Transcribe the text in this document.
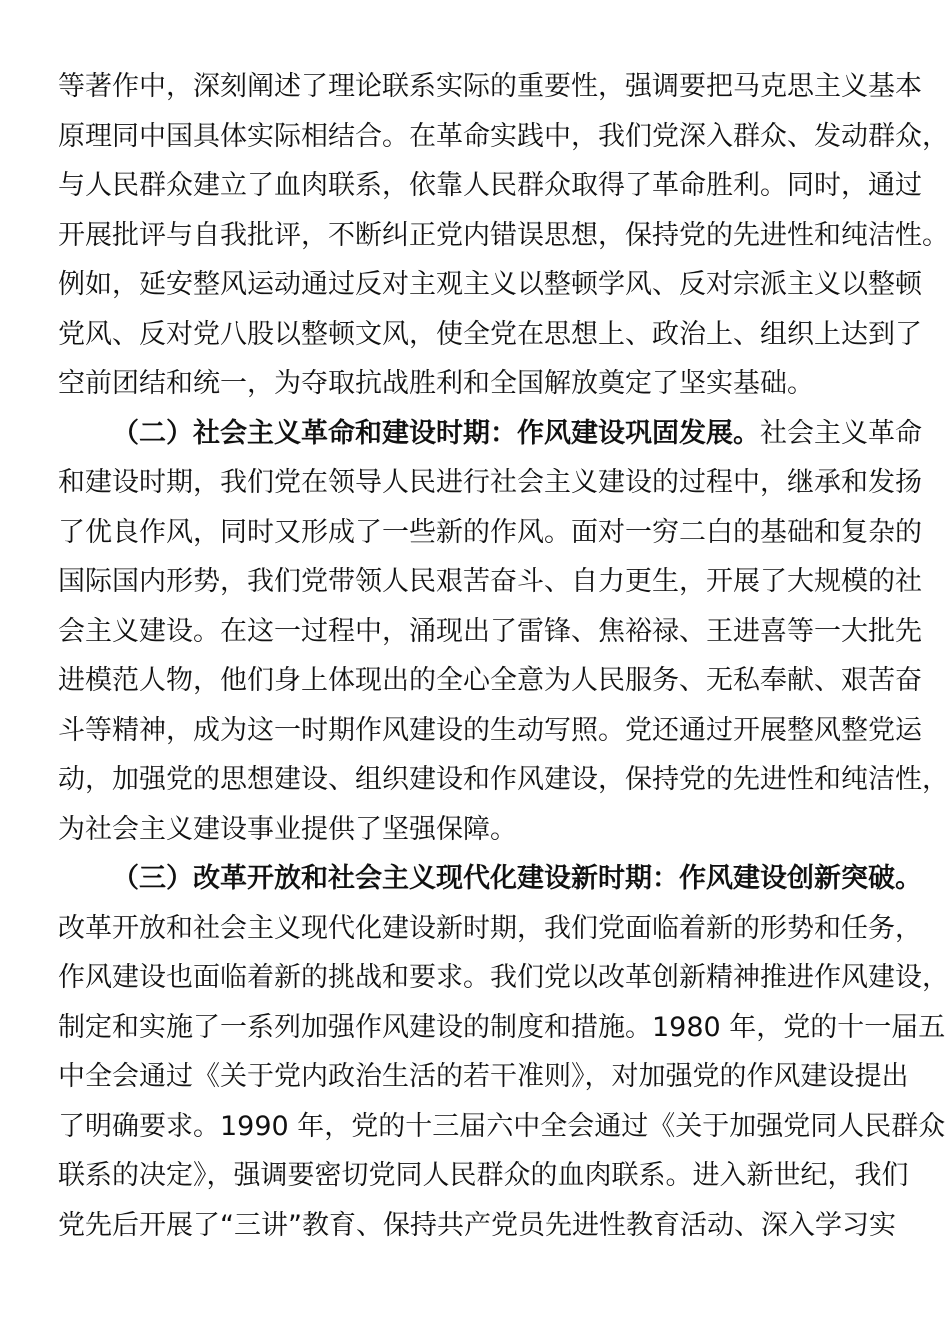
等著作中，深刻阐述了理论联系实际的重要性，强调要把马克思主义基本
原理同中国具体实际相结合。在革命实践中，我们党深入群众、发动群众，
与人民群众建立了血肉联系，依靠人民群众取得了革命胜利。同时，通过
开展批评与自我批评，不断纠正党内错误思想，保持党的先进性和纯洁性。
例如，延安整风运动通过反对主观主义以整顿学风、反对宗派主义以整顿
党风、反对党八股以整顿文风，使全党在思想上、政治上、组织上达到了
空前团结和统一，为夺取抗战胜利和全国解放奠定了坚实基础。
（二）社会主义革命和建设时期：作风建设巩固发展。社会主义革命
和建设时期，我们党在领导人民进行社会主义建设的过程中，继承和发扬
了优良作风，同时又形成了一些新的作风。面对一穷二白的基础和复杂的
国际国内形势，我们党带领人民艰苦奋斗、自力更生，开展了大规模的社
会主义建设。在这一过程中，涌现出了雷锋、焦裕禄、王进喜等一大批先
进模范人物，他们身上体现出的全心全意为人民服务、无私奉献、艰苦奋
斗等精神，成为这一时期作风建设的生动写照。党还通过开展整风整党运
动，加强党的思想建设、组织建设和作风建设，保持党的先进性和纯洁性，
为社会主义建设事业提供了坚强保障。
（三）改革开放和社会主义现代化建设新时期：作风建设创新突破。
改革开放和社会主义现代化建设新时期，我们党面临着新的形势和任务，
作风建设也面临着新的挑战和要求。我们党以改革创新精神推进作风建设，
制定和实施了一系列加强作风建设的制度和措施。1980 年，党的十一届五
中全会通过《关于党内政治生活的若干准则》，对加强党的作风建设提出
了明确要求。1990 年，党的十三届六中全会通过《关于加强党同人民群众
联系的决定》，强调要密切党同人民群众的血肉联系。进入新世纪，我们
党先后开展了“三讲”教育、保持共产党员先进性教育活动、深入学习实
